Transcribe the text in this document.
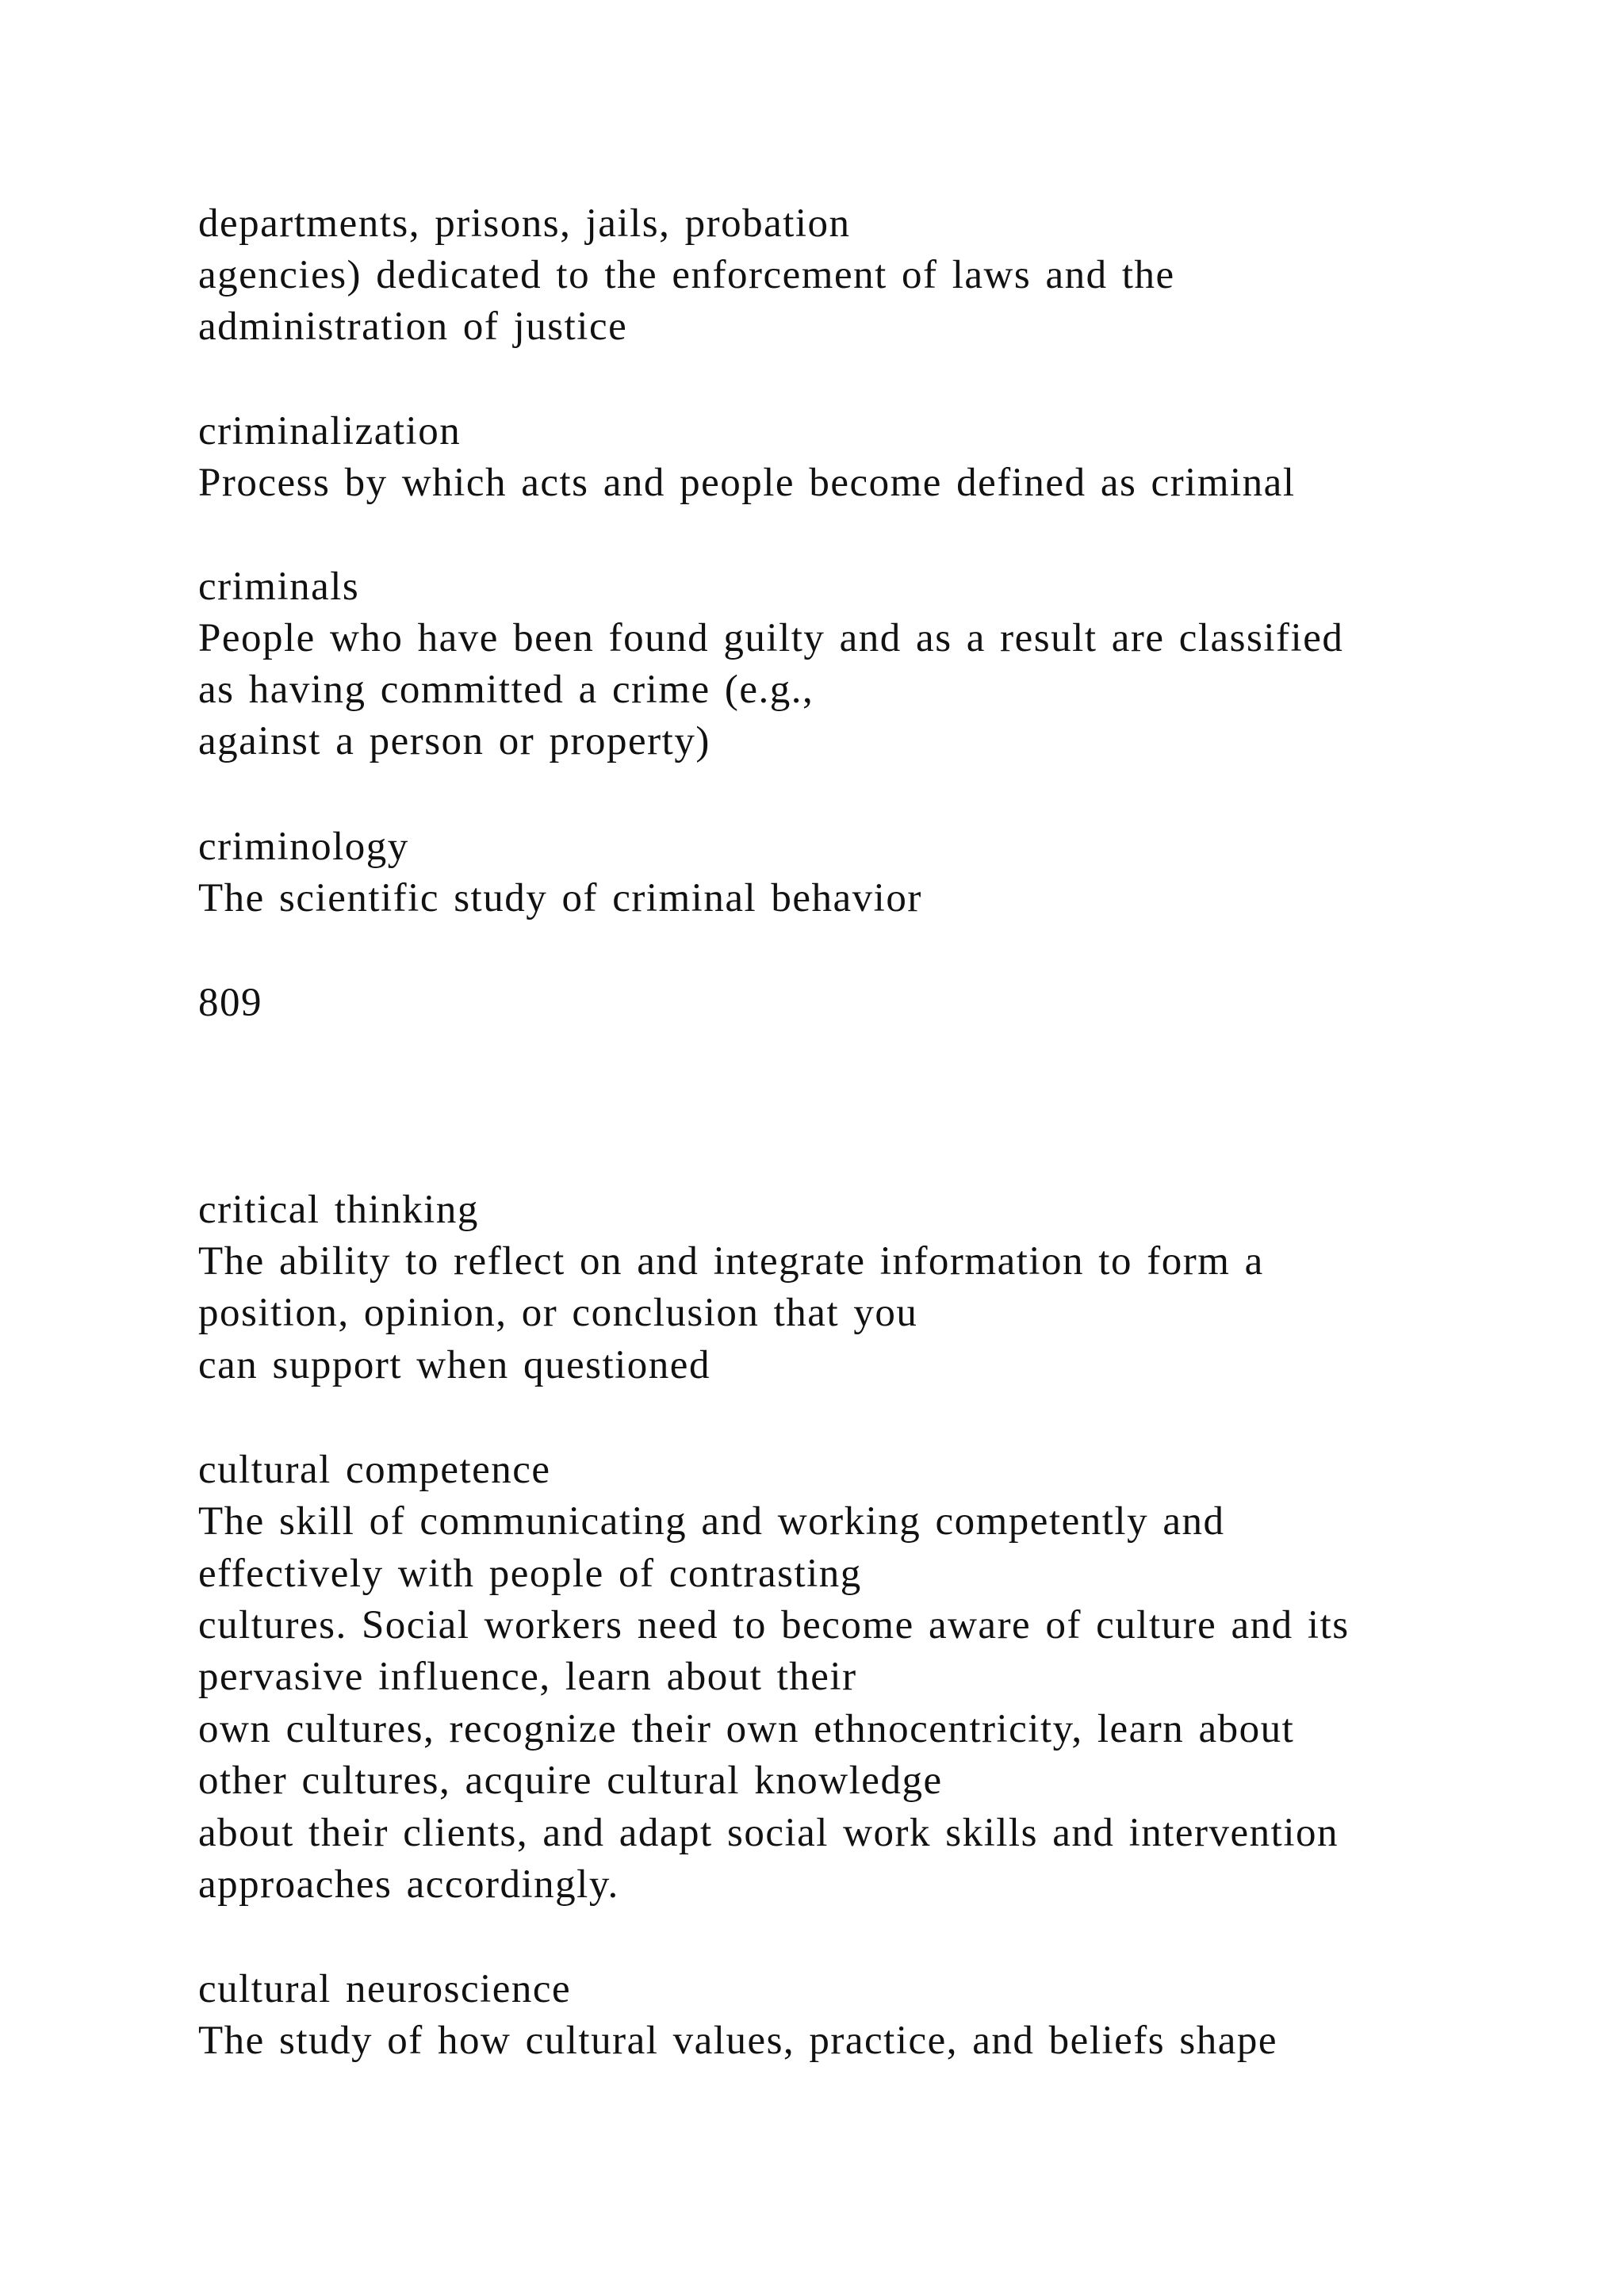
departments, prisons, jails, probation
agencies) dedicated to the enforcement of laws and the
administration of justice
criminalization
Process by which acts and people become defined as criminal
criminals
People who have been found guilty and as a result are classified
as having committed a crime (e.g.,
against a person or property)
criminology
The scientific study of criminal behavior
809
critical thinking
The ability to reflect on and integrate information to form a
position, opinion, or conclusion that you
can support when questioned
cultural competence
The skill of communicating and working competently and
effectively with people of contrasting
cultures. Social workers need to become aware of culture and its
pervasive influence, learn about their
own cultures, recognize their own ethnocentricity, learn about
other cultures, acquire cultural knowledge
about their clients, and adapt social work skills and intervention
approaches accordingly.
cultural neuroscience
The study of how cultural values, practice, and beliefs shape
